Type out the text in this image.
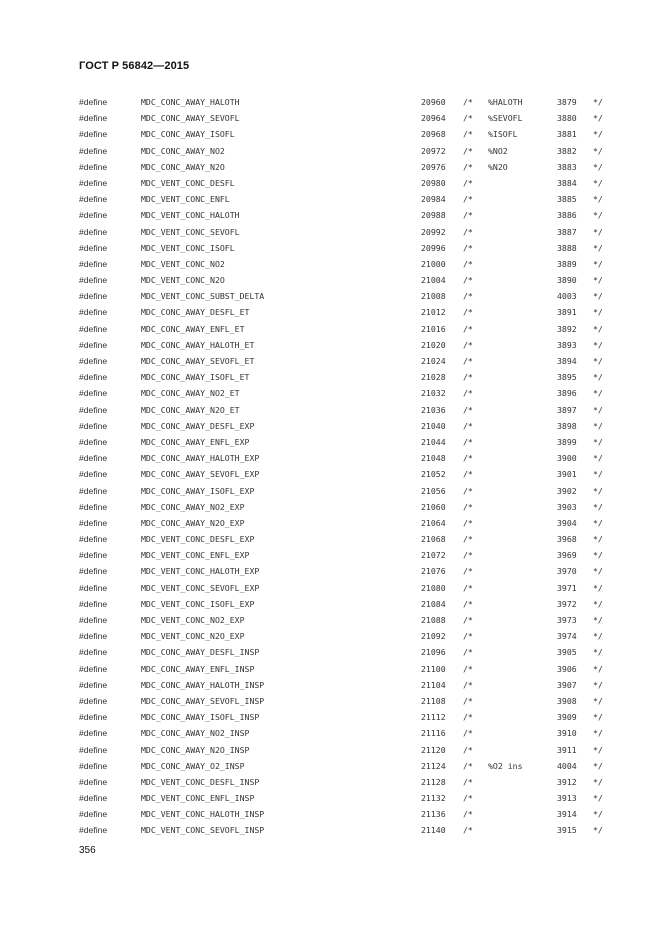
ГОСТ Р 56842—2015
#define	MDC_CONC_AWAY_HALOTH	20960 /* %HALOTH	3879 */
#define	MDC_CONC_AWAY_SEVOFL	20964 /* %SEVOFL	3880 */
#define	MDC_CONC_AWAY_ISOFL	20968 /* %ISOFL	3881 */
#define	MDC_CONC_AWAY_NO2	20972 /* %NO2	3882 */
#define	MDC_CONC_AWAY_N2O	20976 /* %N2O	3883 */
#define	MDC_VENT_CONC_DESFL	20980 /*	3884 */
#define	MDC_VENT_CONC_ENFL	20984 /*	3885 */
#define	MDC_VENT_CONC_HALOTH	20988 /*	3886 */
#define	MDC_VENT_CONC_SEVOFL	20992 /*	3887 */
#define	MDC_VENT_CONC_ISOFL	20996 /*	3888 */
#define	MDC_VENT_CONC_NO2	21000 /*	3889 */
#define	MDC_VENT_CONC_N2O	21004 /*	3890 */
#define	MDC_VENT_CONC_SUBST_DELTA	21008 /*	4003 */
#define	MDC_CONC_AWAY_DESFL_ET	21012 /*	3891 */
#define	MDC_CONC_AWAY_ENFL_ET	21016 /*	3892 */
#define	MDC_CONC_AWAY_HALOTH_ET	21020 /*	3893 */
#define	MDC_CONC_AWAY_SEVOFL_ET	21024 /*	3894 */
#define	MDC_CONC_AWAY_ISOFL_ET	21028 /*	3895 */
#define	MDC_CONC_AWAY_NO2_ET	21032 /*	3896 */
#define	MDC_CONC_AWAY_N2O_ET	21036 /*	3897 */
#define	MDC_CONC_AWAY_DESFL_EXP	21040 /*	3898 */
#define	MDC_CONC_AWAY_ENFL_EXP	21044 /*	3899 */
#define	MDC_CONC_AWAY_HALOTH_EXP	21048 /*	3900 */
#define	MDC_CONC_AWAY_SEVOFL_EXP	21052 /*	3901 */
#define	MDC_CONC_AWAY_ISOFL_EXP	21056 /*	3902 */
#define	MDC_CONC_AWAY_NO2_EXP	21060 /*	3903 */
#define	MDC_CONC_AWAY_N2O_EXP	21064 /*	3904 */
#define	MDC_VENT_CONC_DESFL_EXP	21068 /*	3968 */
#define	MDC_VENT_CONC_ENFL_EXP	21072 /*	3969 */
#define	MDC_VENT_CONC_HALOTH_EXP	21076 /*	3970 */
#define	MDC_VENT_CONC_SEVOFL_EXP	21080 /*	3971 */
#define	MDC_VENT_CONC_ISOFL_EXP	21084 /*	3972 */
#define	MDC_VENT_CONC_NO2_EXP	21088 /*	3973 */
#define	MDC_VENT_CONC_N2O_EXP	21092 /*	3974 */
#define	MDC_CONC_AWAY_DESFL_INSP	21096 /*	3905 */
#define	MDC_CONC_AWAY_ENFL_INSP	21100 /*	3906 */
#define	MDC_CONC_AWAY_HALOTH_INSP	21104 /*	3907 */
#define	MDC_CONC_AWAY_SEVOFL_INSP	21108 /*	3908 */
#define	MDC_CONC_AWAY_ISOFL_INSP	21112 /*	3909 */
#define	MDC_CONC_AWAY_NO2_INSP	21116 /*	3910 */
#define	MDC_CONC_AWAY_N2O_INSP	21120 /*	3911 */
#define	MDC_CONC_AWAY_O2_INSP	21124 /* %O2 ins	4004 */
#define	MDC_VENT_CONC_DESFL_INSP	21128 /*	3912 */
#define	MDC_VENT_CONC_ENFL_INSP	21132 /*	3913 */
#define	MDC_VENT_CONC_HALOTH_INSP	21136 /*	3914 */
#define	MDC_VENT_CONC_SEVOFL_INSP	21140 /*	3915 */
356
